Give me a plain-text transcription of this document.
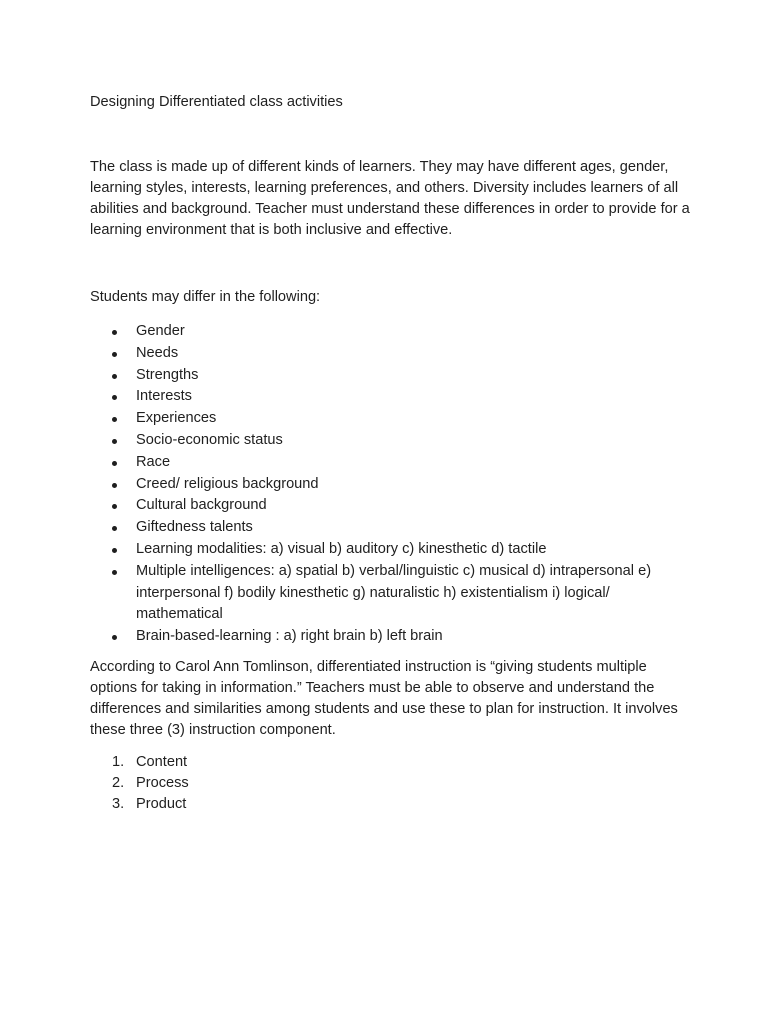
Designing Differentiated class activities

The class is made up of different kinds of learners. They may have different ages, gender, learning styles, interests, learning preferences, and others. Diversity includes learners of all abilities and background. Teacher must understand these differences in order to provide for a learning environment that is both inclusive and effective.

Students may differ in the following:

Gender
Needs
Strengths
Interests
Experiences
Socio-economic status
Race
Creed/ religious background
Cultural background
Giftedness talents
Learning modalities: a) visual b) auditory c) kinesthetic d) tactile
Multiple intelligences: a) spatial b) verbal/linguistic c) musical d) intrapersonal e) interpersonal f) bodily kinesthetic g) naturalistic h) existentialism i) logical/ mathematical
Brain-based-learning : a) right brain b) left brain

According to Carol Ann Tomlinson, differentiated instruction is “giving students multiple options for taking in information.” Teachers must be able to observe and understand the differences and similarities among students and use these to plan for instruction. It involves these three (3) instruction component.

1. Content
2. Process
3. Product
